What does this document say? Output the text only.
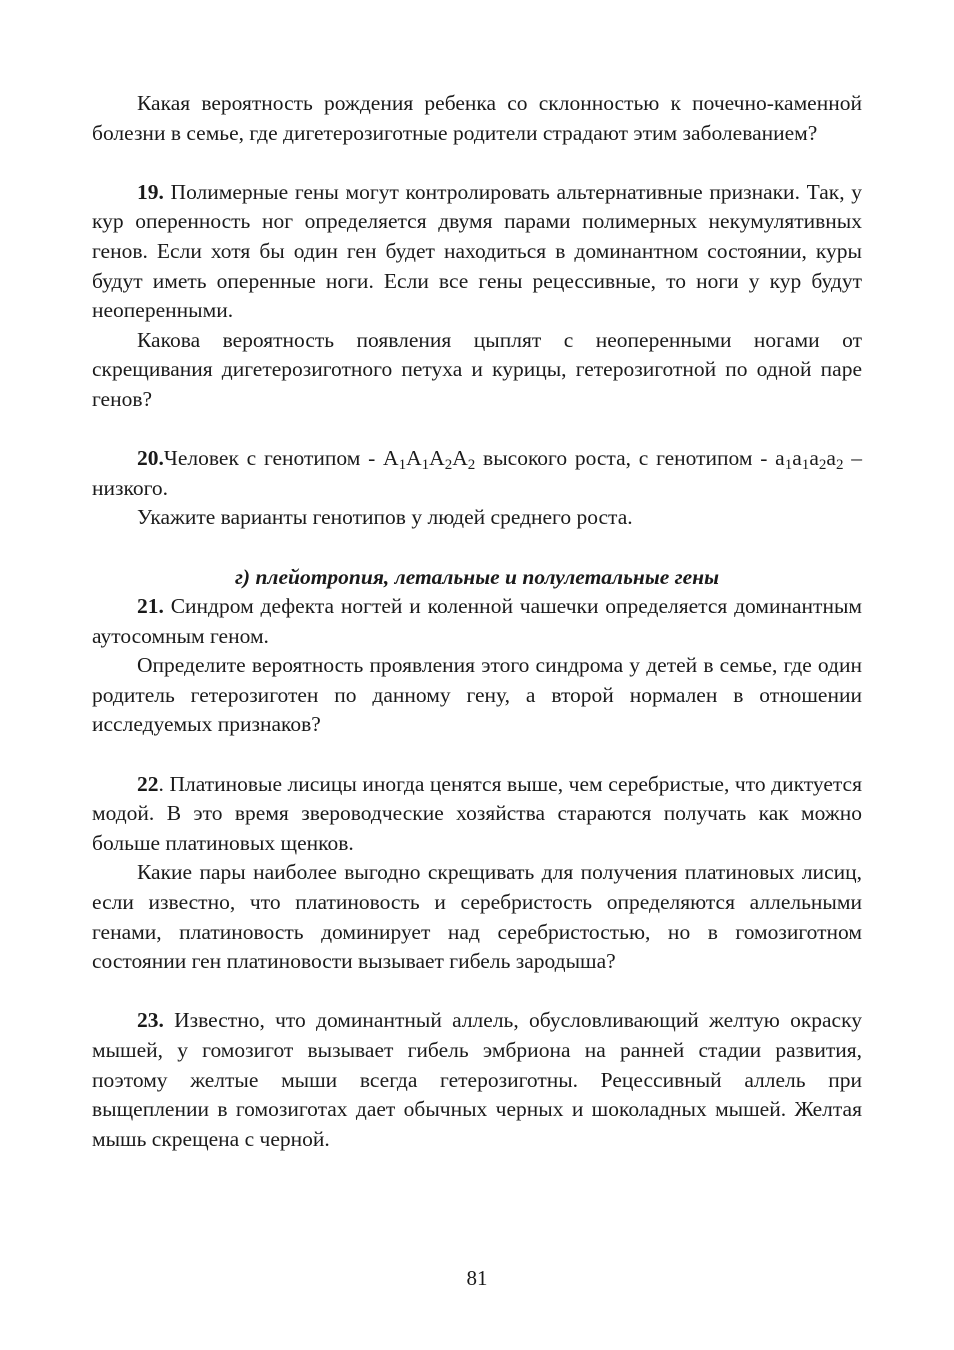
Какая вероятность рождения ребенка со склонностью к почечно-каменной болезни в семье, где дигетерозиготные родители страдают этим заболеванием?

19. Полимерные гены могут контролировать альтернативные признаки. Так, у кур оперенность ног определяется двумя парами полимерных некумулятивных генов. Если хотя бы один ген будет находиться в доминантном состоянии, куры будут иметь оперенные ноги. Если все гены рецессивные, то ноги у кур будут неоперенными.

Какова вероятность появления цыплят с неоперенными ногами от скрещивания дигетерозиготного петуха и курицы, гетерозиготной по одной паре генов?

20.Человек с генотипом - $A_1A_1A_2A_2$ высокого роста, с генотипом - $a_1a_1a_2a_2$ – низкого.

Укажите варианты генотипов у людей среднего роста.

г) плейотропия, летальные и полулетальные гены

21. Синдром дефекта ногтей и коленной чашечки определяется доминантным аутосомным геном.

Определите вероятность проявления этого синдрома у детей в семье, где один родитель гетерозиготен по данному гену, а второй нормален в отношении исследуемых признаков?

22. Платиновые лисицы иногда ценятся выше, чем серебристые, что диктуется модой. В это время звероводческие хозяйства стараются получать как можно больше платиновых щенков.

Какие пары наиболее выгодно скрещивать для получения платиновых лисиц, если известно, что платиновость и серебристость определяются аллельными генами, платиновость доминирует над серебристостью, но в гомозиготном состоянии ген платиновости вызывает гибель зародыша?

23. Известно, что доминантный аллель, обусловливающий желтую окраску мышей, у гомозигот вызывает гибель эмбриона на ранней стадии развития, поэтому желтые мыши всегда гетерозиготны. Рецессивный аллель при выщеплении в гомозиготах дает обычных черных и шоколадных мышей. Желтая мышь скрещена с черной.

81
